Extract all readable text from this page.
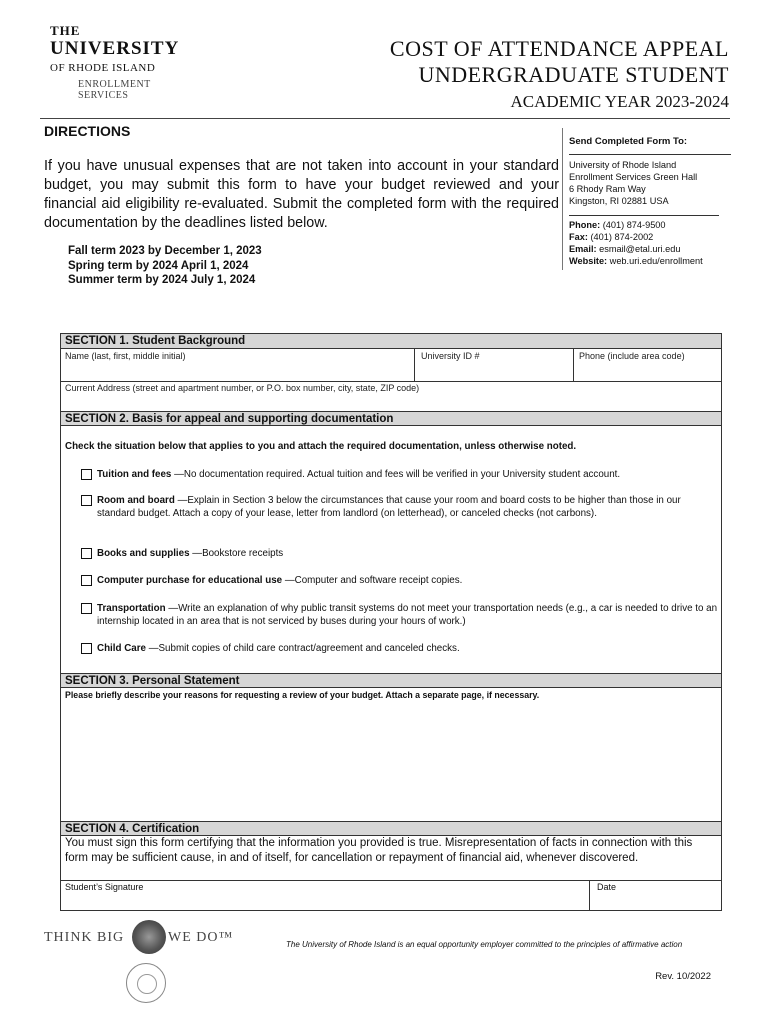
THE
UNIVERSITY
OF RHODE ISLAND
ENROLLMENT
SERVICES
COST OF ATTENDANCE APPEAL
UNDERGRADUATE STUDENT
ACADEMIC YEAR 2023-2024
DIRECTIONS
If you have unusual expenses that are not taken into account in your standard budget, you may submit this form to have your budget reviewed and your financial aid eligibility re-evaluated. Submit the completed form with the required documentation by the deadlines listed below.
Fall term 2023 by December 1, 2023
Spring term by 2024 April 1, 2024
Summer term by 2024 July 1, 2024
Send Completed Form To:
University of Rhode Island
Enrollment Services Green Hall
6 Rhody Ram Way
Kingston, RI 02881 USA
Phone: (401) 874-9500
Fax: (401) 874-2002
Email: esmail@etal.uri.edu
Website: web.uri.edu/enrollment
SECTION 1. Student Background
Name (last, first, middle initial)	University ID #	Phone (include area code)
Current Address (street and apartment number, or P.O. box number, city, state, ZIP code)
SECTION 2. Basis for appeal and supporting documentation
Check the situation below that applies to you and attach the required documentation, unless otherwise noted.
Tuition and fees —No documentation required. Actual tuition and fees will be verified in your University student account.
Room and board —Explain in Section 3 below the circumstances that cause your room and board costs to be higher than those in our standard budget. Attach a copy of your lease, letter from landlord (on letterhead), or canceled checks (not carbons).
Books and supplies —Bookstore receipts
Computer purchase for educational use —Computer and software receipt copies.
Transportation —Write an explanation of why public transit systems do not meet your transportation needs (e.g., a car is needed to drive to an internship located in an area that is not serviced by buses during your hours of work.)
Child Care —Submit copies of child care contract/agreement and canceled checks.
SECTION 3. Personal Statement
Please briefly describe your reasons for requesting a review of your budget. Attach a separate page, if necessary.
SECTION 4. Certification
You must sign this form certifying that the information you provided is true. Misrepresentation of facts in connection with this form may be sufficient cause, in and of itself, for cancellation or repayment of financial aid, whenever discovered.
Student’s Signature	Date
THINK BIG	WE DO™	The University of Rhode Island is an equal opportunity employer committed to the principles of affirmative action
Rev. 10/2022
